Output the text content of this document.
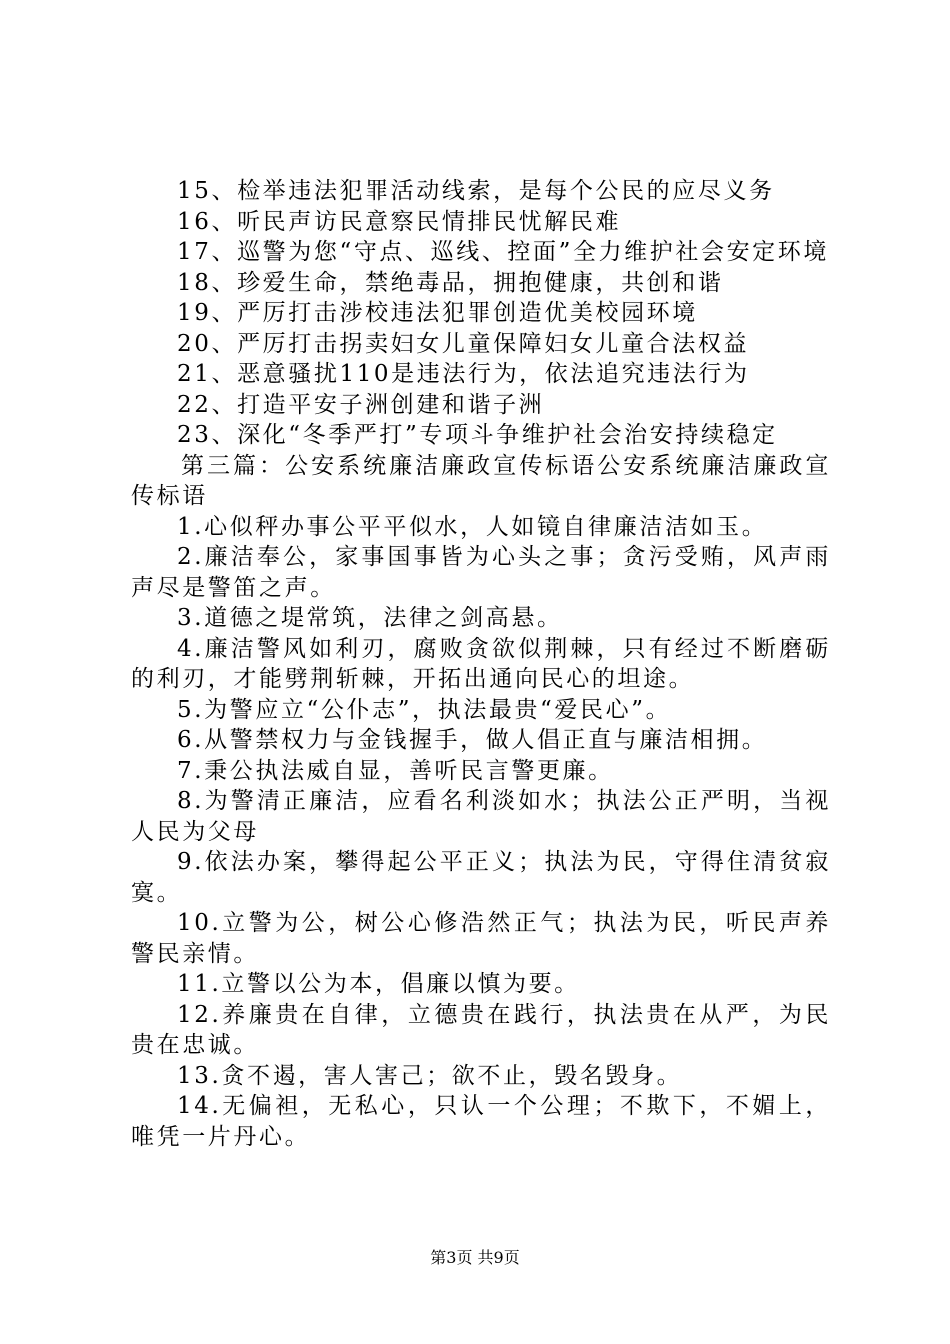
15、检举违法犯罪活动线索，是每个公民的应尽义务

16、听民声访民意察民情排民忧解民难

17、巡警为您“守点、巡线、控面”全力维护社会安定环境

18、珍爱生命，禁绝毒品，拥抱健康，共创和谐

19、严厉打击涉校违法犯罪创造优美校园环境

20、严厉打击拐卖妇女儿童保障妇女儿童合法权益

21、恶意骚扰110是违法行为，依法追究违法行为

22、打造平安子洲创建和谐子洲

23、深化“冬季严打”专项斗争维护社会治安持续稳定

第三篇：公安系统廉洁廉政宣传标语公安系统廉洁廉政宣传标语

1.心似秤办事公平平似水，人如镜自律廉洁洁如玉。

2.廉洁奉公，家事国事皆为心头之事；贪污受贿，风声雨声尽是警笛之声。

3.道德之堤常筑，法律之剑高悬。

4.廉洁警风如利刃，腐败贪欲似荆棘，只有经过不断磨砺的利刃，才能劈荆斩棘，开拓出通向民心的坦途。

5.为警应立“公仆志”，执法最贵“爱民心”。

6.从警禁权力与金钱握手，做人倡正直与廉洁相拥。

7.秉公执法威自显，善听民言警更廉。

8.为警清正廉洁，应看名利淡如水；执法公正严明，当视人民为父母

9.依法办案，攀得起公平正义；执法为民，守得住清贫寂寞。

10.立警为公，树公心修浩然正气；执法为民，听民声养警民亲情。

11.立警以公为本，倡廉以慎为要。

12.养廉贵在自律，立德贵在践行，执法贵在从严，为民贵在忠诚。

13.贪不遏，害人害己；欲不止，毁名毁身。

14.无偏袒，无私心，只认一个公理；不欺下，不媚上，唯凭一片丹心。

第3页 共9页
